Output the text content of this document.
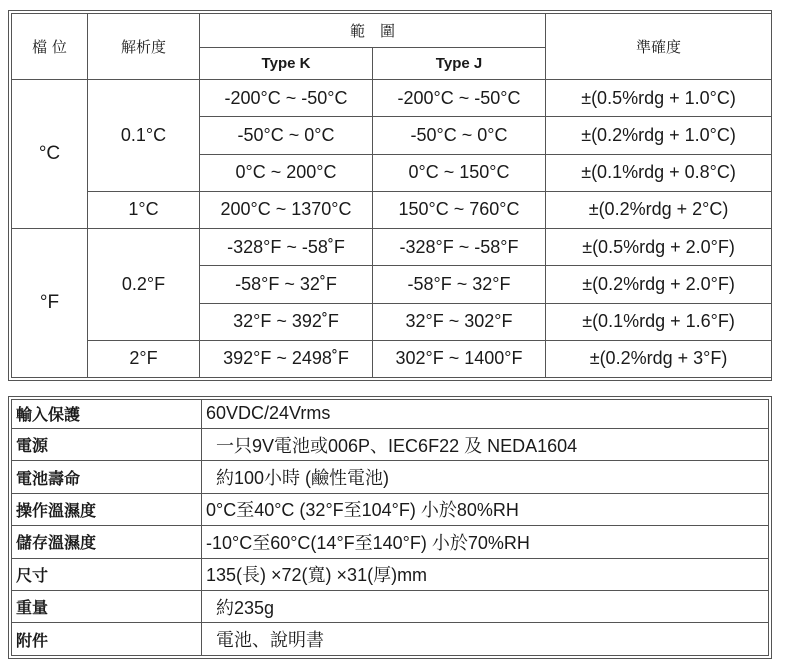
檔 位	解析度	範　圍		準確度
		Type K	Type J	
°C	0.1°C	-200°C ~ -50°C	-200°C ~ -50°C	±(0.5%rdg + 1.0°C)
		-50°C ~ 0°C	-50°C ~ 0°C	±(0.2%rdg + 1.0°C)
		0°C ~ 200°C	0°C ~ 150°C	±(0.1%rdg + 0.8°C)
	1°C	200°C ~ 1370°C	150°C ~ 760°C	±(0.2%rdg + 2°C)
°F	0.2°F	-328°F ~ -58˚F	-328°F ~ -58°F	±(0.5%rdg + 2.0°F)
		-58°F ~ 32˚F	-58°F ~ 32°F	±(0.2%rdg + 2.0°F)
		32°F ~ 392˚F	32°F ~ 302°F	±(0.1%rdg + 1.6°F)
	2°F	392°F ~ 2498˚F	302°F ~ 1400°F	±(0.2%rdg + 3°F)
輸入保護	60VDC/24Vrms
電源	一只9V電池或006P、IEC6F22 及 NEDA1604
電池壽命	約100小時 (鹼性電池)
操作溫濕度	0°C至40°C (32°F至104°F) 小於80%RH
儲存溫濕度	-10°C至60°C(14°F至140°F) 小於70%RH
尺寸	135(長) ×72(寬) ×31(厚)mm
重量	約235g
附件	電池、說明書
